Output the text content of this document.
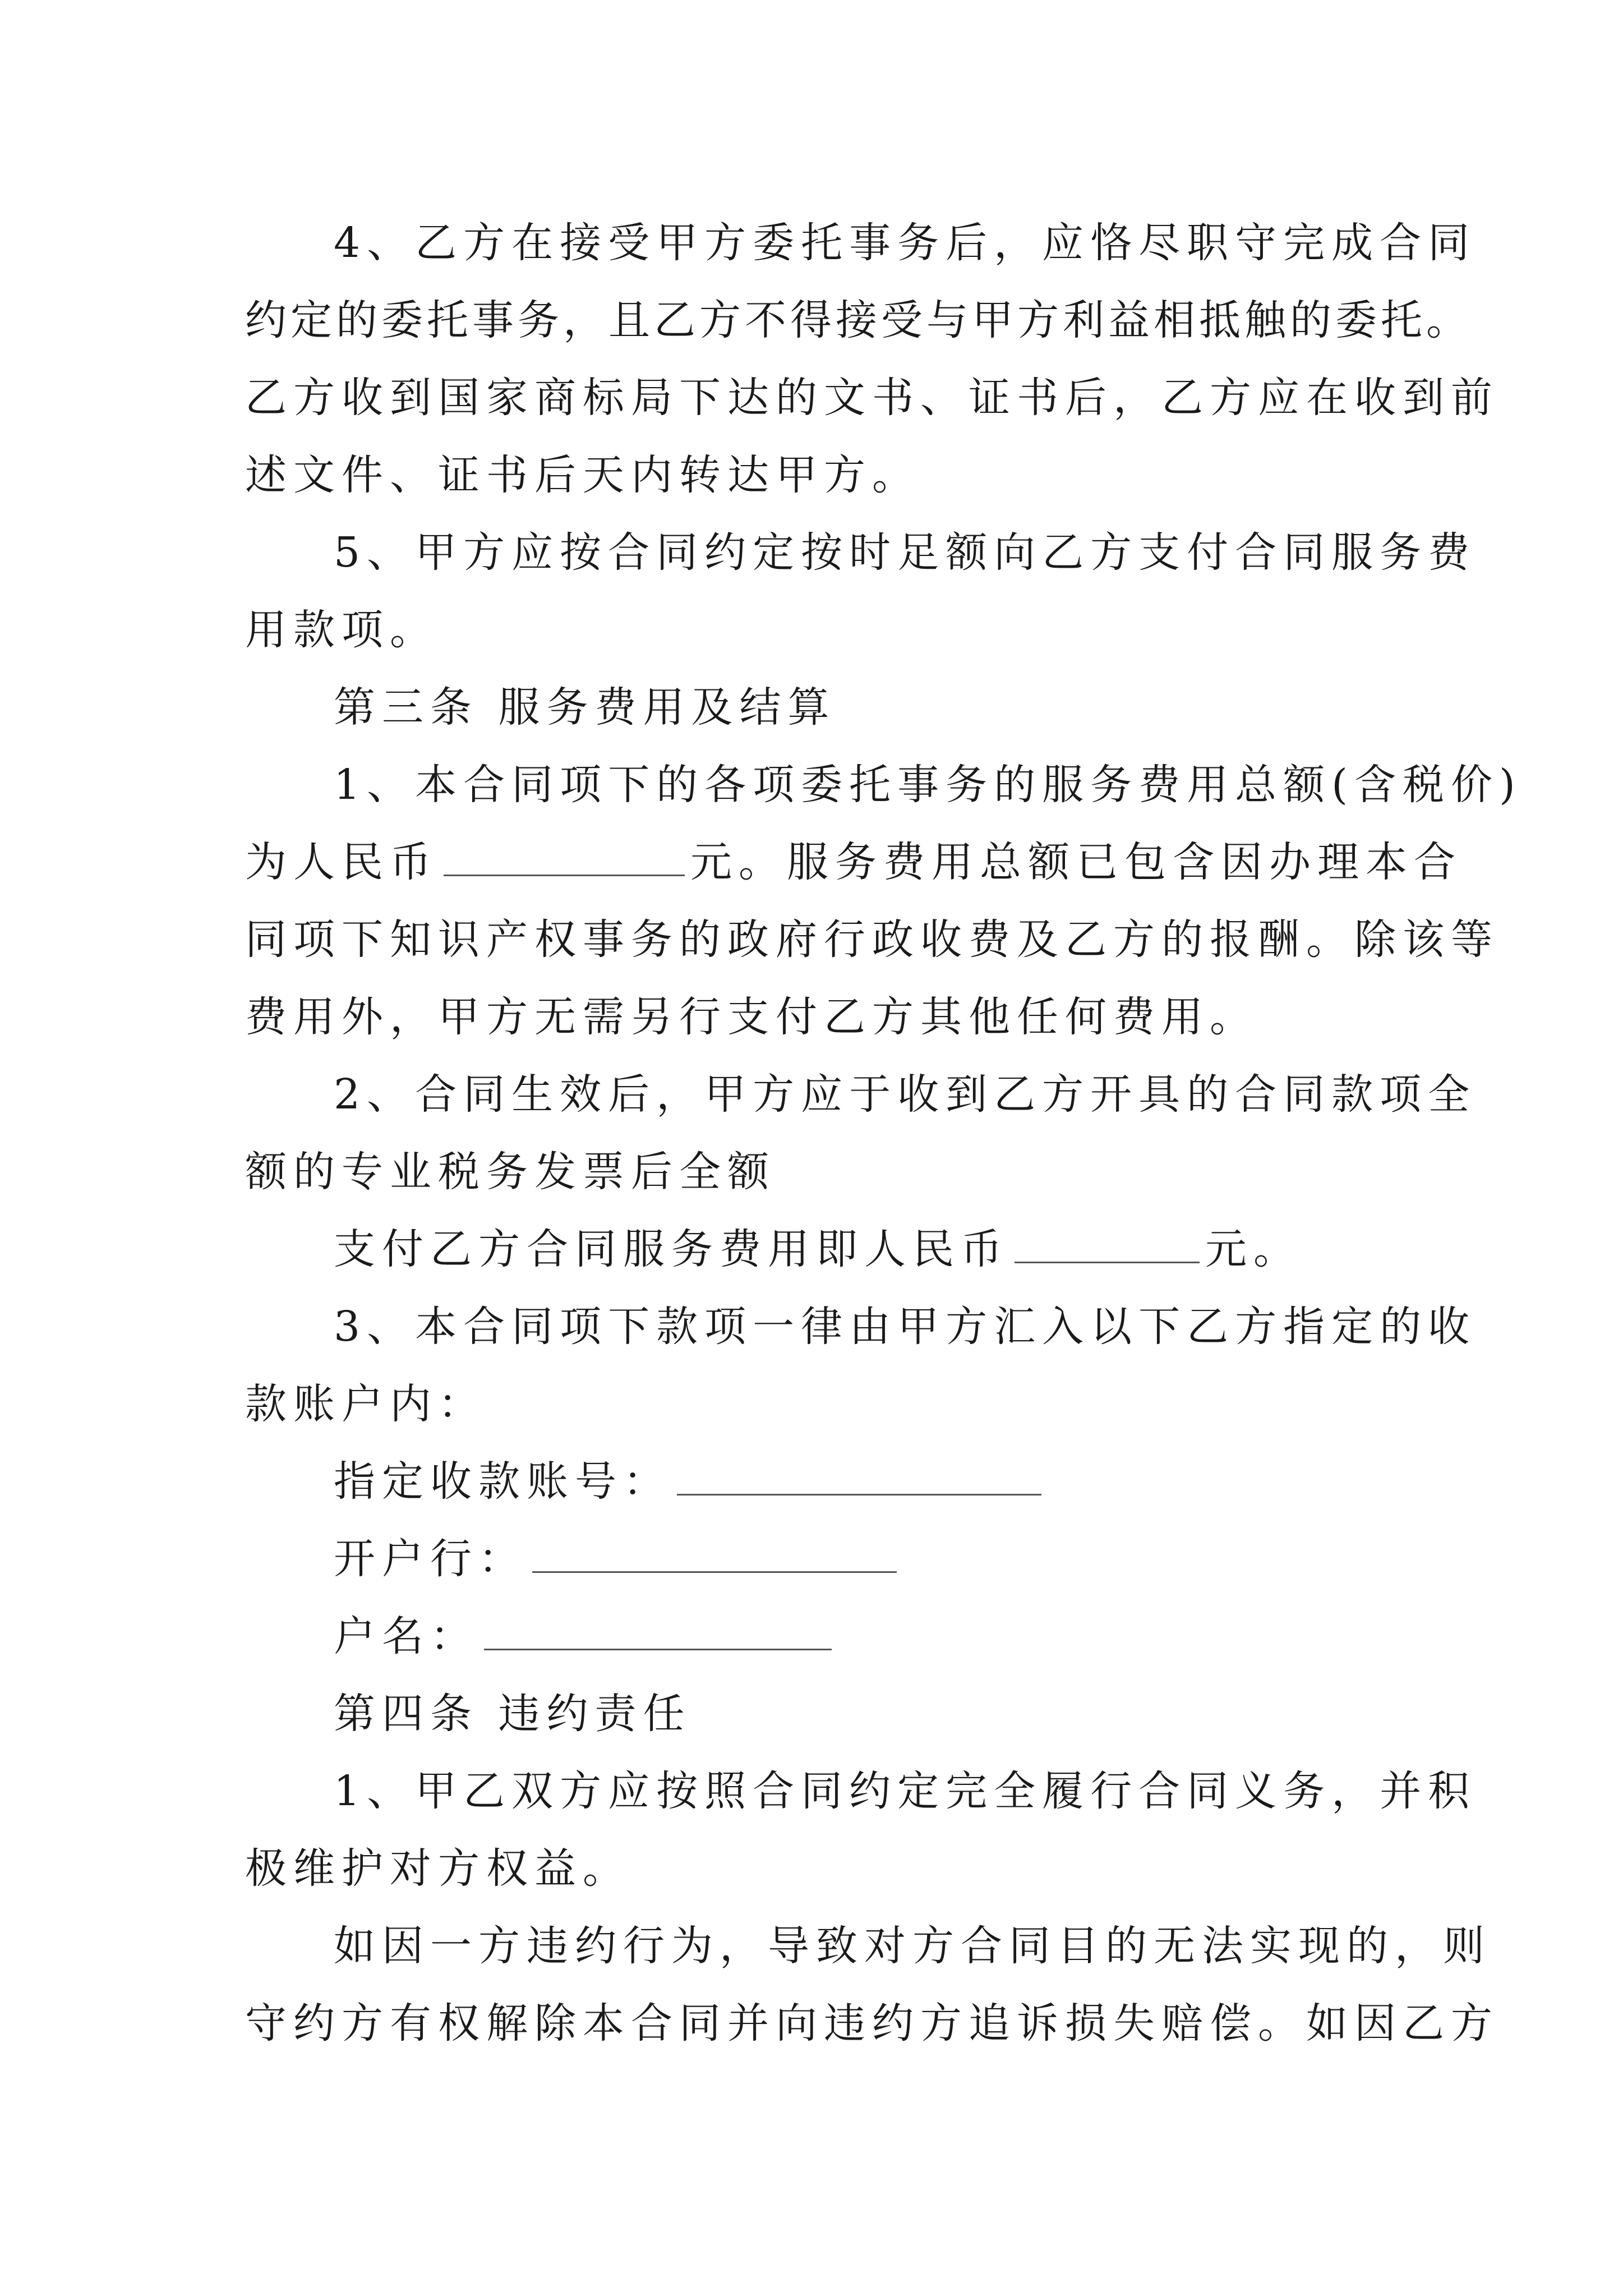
4、乙方在接受甲方委托事务后，应恪尽职守完成合同
约定的委托事务，且乙方不得接受与甲方利益相抵触的委托。
乙方收到国家商标局下达的文书、证书后，乙方应在收到前
述文件、证书后天内转达甲方。
5、甲方应按合同约定按时足额向乙方支付合同服务费
用款项。
第三条 服务费用及结算
1、本合同项下的各项委托事务的服务费用总额(含税价)
为人民币	元。服务费用总额已包含因办理本合
同项下知识产权事务的政府行政收费及乙方的报酬。除该等
费用外，甲方无需另行支付乙方其他任何费用。
2、合同生效后，甲方应于收到乙方开具的合同款项全
额的专业税务发票后全额
支付乙方合同服务费用即人民币	元。
3、本合同项下款项一律由甲方汇入以下乙方指定的收
款账户内：
指定收款账号：
开户行：
户名：
第四条 违约责任
1、甲乙双方应按照合同约定完全履行合同义务，并积
极维护对方权益。
如因一方违约行为，导致对方合同目的无法实现的，则
守约方有权解除本合同并向违约方追诉损失赔偿。如因乙方
